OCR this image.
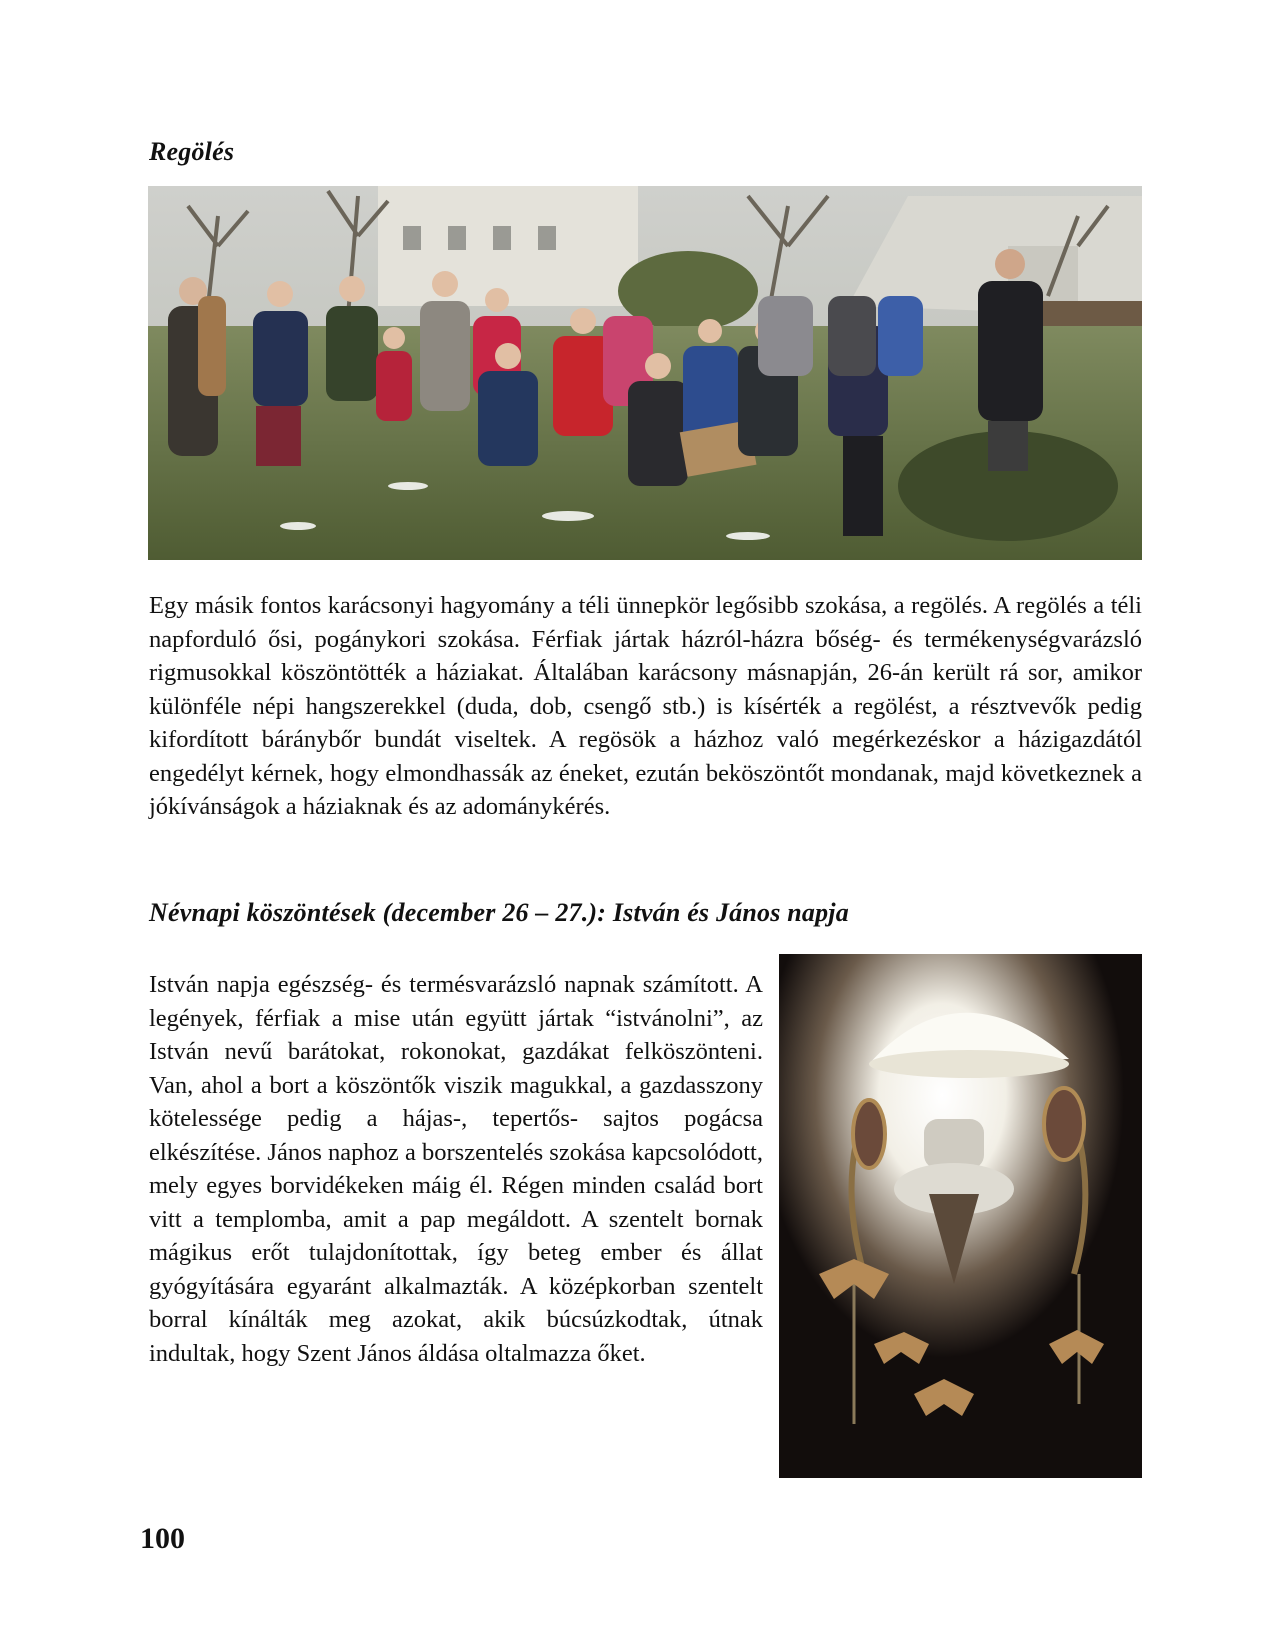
Regölés

Egy másik fontos karácsonyi hagyomány a téli ünnepkör legősibb szokása, a regölés. A regölés a téli napforduló ősi, pogánykori szokása. Férfiak jártak házról-házra bőség- és termékenységvarázsló rigmusokkal köszöntötték a háziakat. Általában karácsony másnapján, 26-án került rá sor, amikor különféle népi hangszerekkel (duda, dob, csengő stb.) is kísérték a regölést, a résztvevők pedig kifordított báránybőr bundát viseltek. A regösök a házhoz való megérkezéskor a házigazdától engedélyt kérnek, hogy elmondhassák az éneket, ezután beköszöntőt mondanak, majd következnek a jókívánságok a háziaknak és az adománykérés.

Névnapi köszöntések (december 26 – 27.): István és János napja

István napja egészség- és termésvarázsló napnak számított. A legények, férfiak a mise után együtt jártak “istvánolni”, az István nevű barátokat, rokonokat, gazdákat felköszönteni. Van, ahol a bort a köszöntők viszik magukkal, a gazdasszony kötelessége pedig a hájas-, tepertős- sajtos pogácsa elkészítése. János naphoz a borszentelés szokása kapcsolódott, mely egyes borvidékeken máig él. Régen minden család bort vitt a templomba, amit a pap megáldott. A szentelt bornak mágikus erőt tulajdonítottak, így beteg ember és állat gyógyítására egyaránt alkalmazták. A középkorban szentelt borral kínálták meg azokat, akik búcsúzkodtak, útnak indultak, hogy Szent János áldása oltalmazza őket.

100
